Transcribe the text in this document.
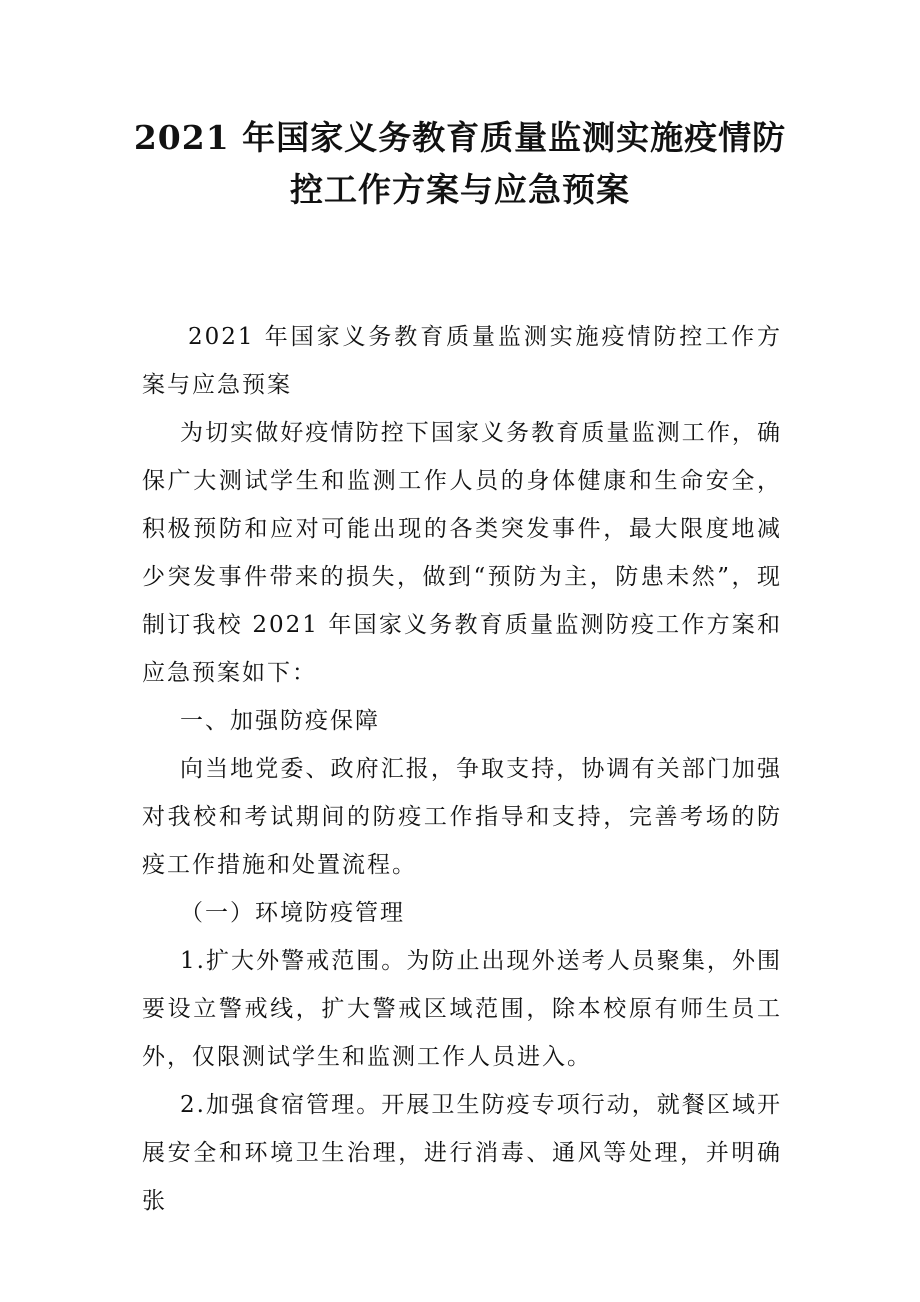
2021 年国家义务教育质量监测实施疫情防
控工作方案与应急预案

2021 年国家义务教育质量监测实施疫情防控工作方案与应急预案

为切实做好疫情防控下国家义务教育质量监测工作，确保广大测试学生和监测工作人员的身体健康和生命安全，积极预防和应对可能出现的各类突发事件，最大限度地减少突发事件带来的损失，做到“预防为主，防患未然”，现制订我校 2021 年国家义务教育质量监测防疫工作方案和应急预案如下：

一、加强防疫保障

向当地党委、政府汇报，争取支持，协调有关部门加强对我校和考试期间的防疫工作指导和支持，完善考场的防疫工作措施和处置流程。

（一）环境防疫管理

1.扩大外警戒范围。为防止出现外送考人员聚集，外围要设立警戒线，扩大警戒区域范围，除本校原有师生员工外，仅限测试学生和监测工作人员进入。

2.加强食宿管理。开展卫生防疫专项行动，就餐区域开展安全和环境卫生治理，进行消毒、通风等处理，并明确张
